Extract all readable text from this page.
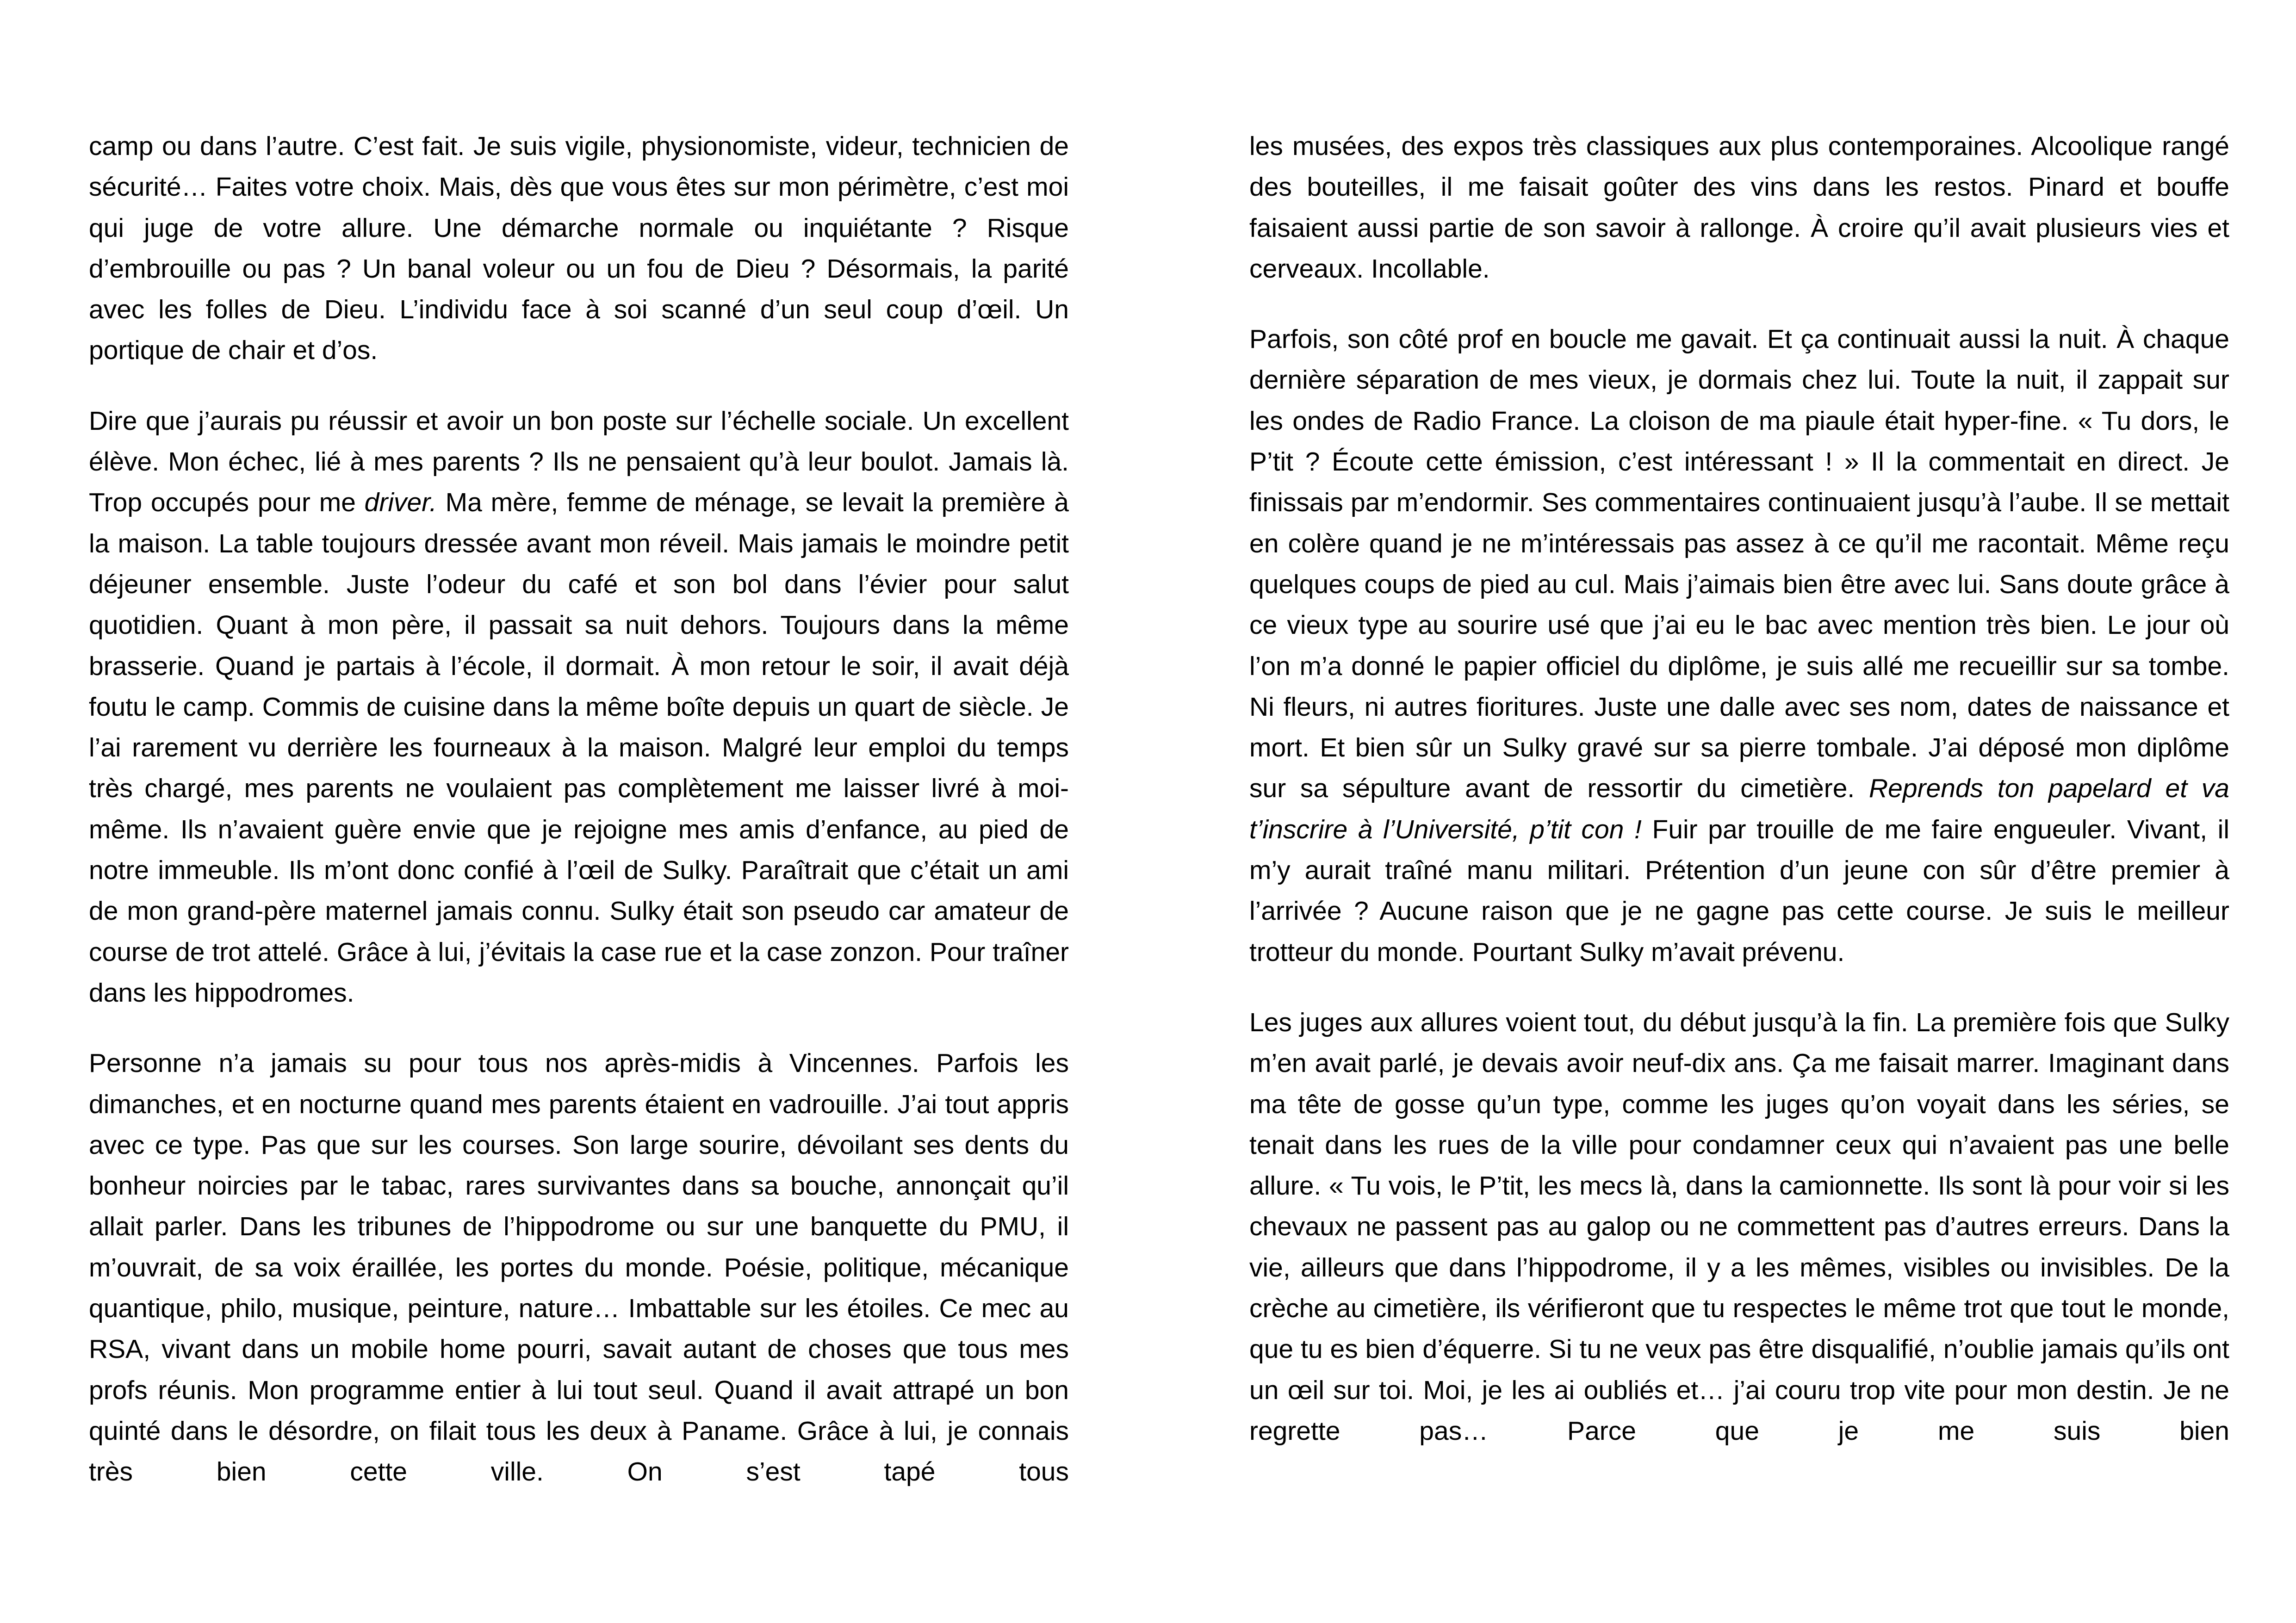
camp ou dans l’autre. C’est fait. Je suis vigile, physionomiste, videur, technicien de sécurité… Faites votre choix. Mais, dès que vous êtes sur mon périmètre, c’est moi qui juge de votre allure. Une démarche normale ou inquiétante ? Risque d’embrouille ou pas ? Un banal voleur ou un fou de Dieu ? Désormais, la parité avec les folles de Dieu. L’individu face à soi scanné d’un seul coup d’œil. Un portique de chair et d’os.

Dire que j’aurais pu réussir et avoir un bon poste sur l’échelle sociale. Un excellent élève. Mon échec, lié à mes parents ? Ils ne pensaient qu’à leur boulot. Jamais là. Trop occupés pour me driver. Ma mère, femme de ménage, se levait la première à la maison. La table toujours dressée avant mon réveil. Mais jamais le moindre petit déjeuner ensemble. Juste l’odeur du café et son bol dans l’évier pour salut quotidien. Quant à mon père, il passait sa nuit dehors. Toujours dans la même brasserie. Quand je partais à l’école, il dormait. À mon retour le soir, il avait déjà foutu le camp. Commis de cuisine dans la même boîte depuis un quart de siècle. Je l’ai rarement vu derrière les fourneaux à la maison. Malgré leur emploi du temps très chargé, mes parents ne voulaient pas complètement me laisser livré à moi-même. Ils n’avaient guère envie que je rejoigne mes amis d’enfance, au pied de notre immeuble. Ils m’ont donc confié à l’œil de Sulky. Paraîtrait que c’était un ami de mon grand-père maternel jamais connu. Sulky était son pseudo car amateur de course de trot attelé. Grâce à lui, j’évitais la case rue et la case zonzon. Pour traîner dans les hippodromes.

Personne n’a jamais su pour tous nos après-midis à Vincennes. Parfois les dimanches, et en nocturne quand mes parents étaient en vadrouille. J’ai tout appris avec ce type. Pas que sur les courses. Son large sourire, dévoilant ses dents du bonheur noircies par le tabac, rares survivantes dans sa bouche, annonçait qu’il allait parler. Dans les tribunes de l’hippodrome ou sur une banquette du PMU, il m’ouvrait, de sa voix éraillée, les portes du monde. Poésie, politique, mécanique quantique, philo, musique, peinture, nature… Imbattable sur les étoiles. Ce mec au RSA, vivant dans un mobile home pourri, savait autant de choses que tous mes profs réunis. Mon programme entier à lui tout seul. Quand il avait attrapé un bon quinté dans le désordre, on filait tous les deux à Paname. Grâce à lui, je connais très bien cette ville. On s’est tapé tous

les musées, des expos très classiques aux plus contemporaines. Alcoolique rangé des bouteilles, il me faisait goûter des vins dans les restos. Pinard et bouffe faisaient aussi partie de son savoir à rallonge. À croire qu’il avait plusieurs vies et cerveaux. Incollable.

Parfois, son côté prof en boucle me gavait. Et ça continuait aussi la nuit. À chaque dernière séparation de mes vieux, je dormais chez lui. Toute la nuit, il zappait sur les ondes de Radio France. La cloison de ma piaule était hyper-fine. « Tu dors, le P’tit ? Écoute cette émission, c’est intéressant ! » Il la commentait en direct. Je finissais par m’endormir. Ses commentaires continuaient jusqu’à l’aube. Il se mettait en colère quand je ne m’intéressais pas assez à ce qu’il me racontait. Même reçu quelques coups de pied au cul. Mais j’aimais bien être avec lui. Sans doute grâce à ce vieux type au sourire usé que j’ai eu le bac avec mention très bien. Le jour où l’on m’a donné le papier officiel du diplôme, je suis allé me recueillir sur sa tombe. Ni fleurs, ni autres fioritures. Juste une dalle avec ses nom, dates de naissance et mort. Et bien sûr un Sulky gravé sur sa pierre tombale. J’ai déposé mon diplôme sur sa sépulture avant de ressortir du cimetière. Reprends ton papelard et va t’inscrire à l’Université, p’tit con ! Fuir par trouille de me faire engueuler. Vivant, il m’y aurait traîné manu militari. Prétention d’un jeune con sûr d’être premier à l’arrivée ? Aucune raison que je ne gagne pas cette course. Je suis le meilleur trotteur du monde. Pourtant Sulky m’avait prévenu.

Les juges aux allures voient tout, du début jusqu’à la fin. La première fois que Sulky m’en avait parlé, je devais avoir neuf-dix ans. Ça me faisait marrer. Imaginant dans ma tête de gosse qu’un type, comme les juges qu’on voyait dans les séries, se tenait dans les rues de la ville pour condamner ceux qui n’avaient pas une belle allure. « Tu vois, le P’tit, les mecs là, dans la camionnette. Ils sont là pour voir si les chevaux ne passent pas au galop ou ne commettent pas d’autres erreurs. Dans la vie, ailleurs que dans l’hippodrome, il y a les mêmes, visibles ou invisibles. De la crèche au cimetière, ils vérifieront que tu respectes le même trot que tout le monde, que tu es bien d’équerre. Si tu ne veux pas être disqualifié, n’oublie jamais qu’ils ont un œil sur toi. Moi, je les ai oubliés et… j’ai couru trop vite pour mon destin. Je ne regrette pas… Parce que je me suis bien
